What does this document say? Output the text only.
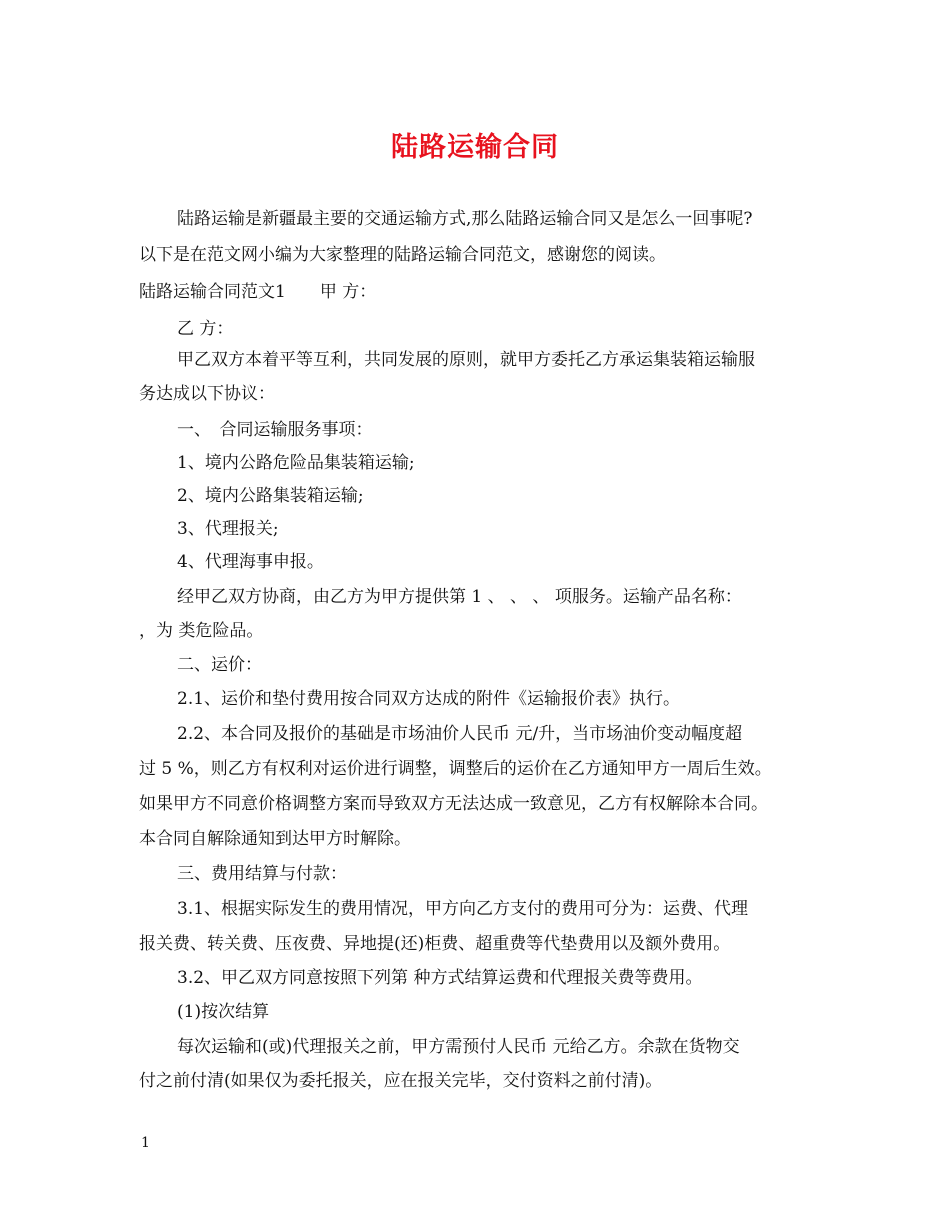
陆路运输合同
陆路运输是新疆最主要的交通运输方式,那么陆路运输合同又是怎么一回事呢?
以下是在范文网小编为大家整理的陆路运输合同范文，感谢您的阅读。
陆路运输合同范文1　　甲 方：
乙 方：
甲乙双方本着平等互利，共同发展的原则，就甲方委托乙方承运集装箱运输服
务达成以下协议：
一、　合同运输服务事项：
1、境内公路危险品集装箱运输;
2、境内公路集装箱运输;
3、代理报关;
4、代理海事申报。
经甲乙双方协商，由乙方为甲方提供第 1 、 、 、 项服务。运输产品名称：
，为 类危险品。
二、运价：
2.1、运价和垫付费用按合同双方达成的附件《运输报价表》执行。
2.2、本合同及报价的基础是市场油价人民币 元/升，当市场油价变动幅度超
过 5 %，则乙方有权利对运价进行调整，调整后的运价在乙方通知甲方一周后生效。
如果甲方不同意价格调整方案而导致双方无法达成一致意见，乙方有权解除本合同。
本合同自解除通知到达甲方时解除。
三、费用结算与付款：
3.1、根据实际发生的费用情况，甲方向乙方支付的费用可分为：运费、代理
报关费、转关费、压夜费、异地提(还)柜费、超重费等代垫费用以及额外费用。
3.2、甲乙双方同意按照下列第 种方式结算运费和代理报关费等费用。
(1)按次结算
每次运输和(或)代理报关之前，甲方需预付人民币 元给乙方。余款在货物交
付之前付清(如果仅为委托报关，应在报关完毕，交付资料之前付清)。
1
